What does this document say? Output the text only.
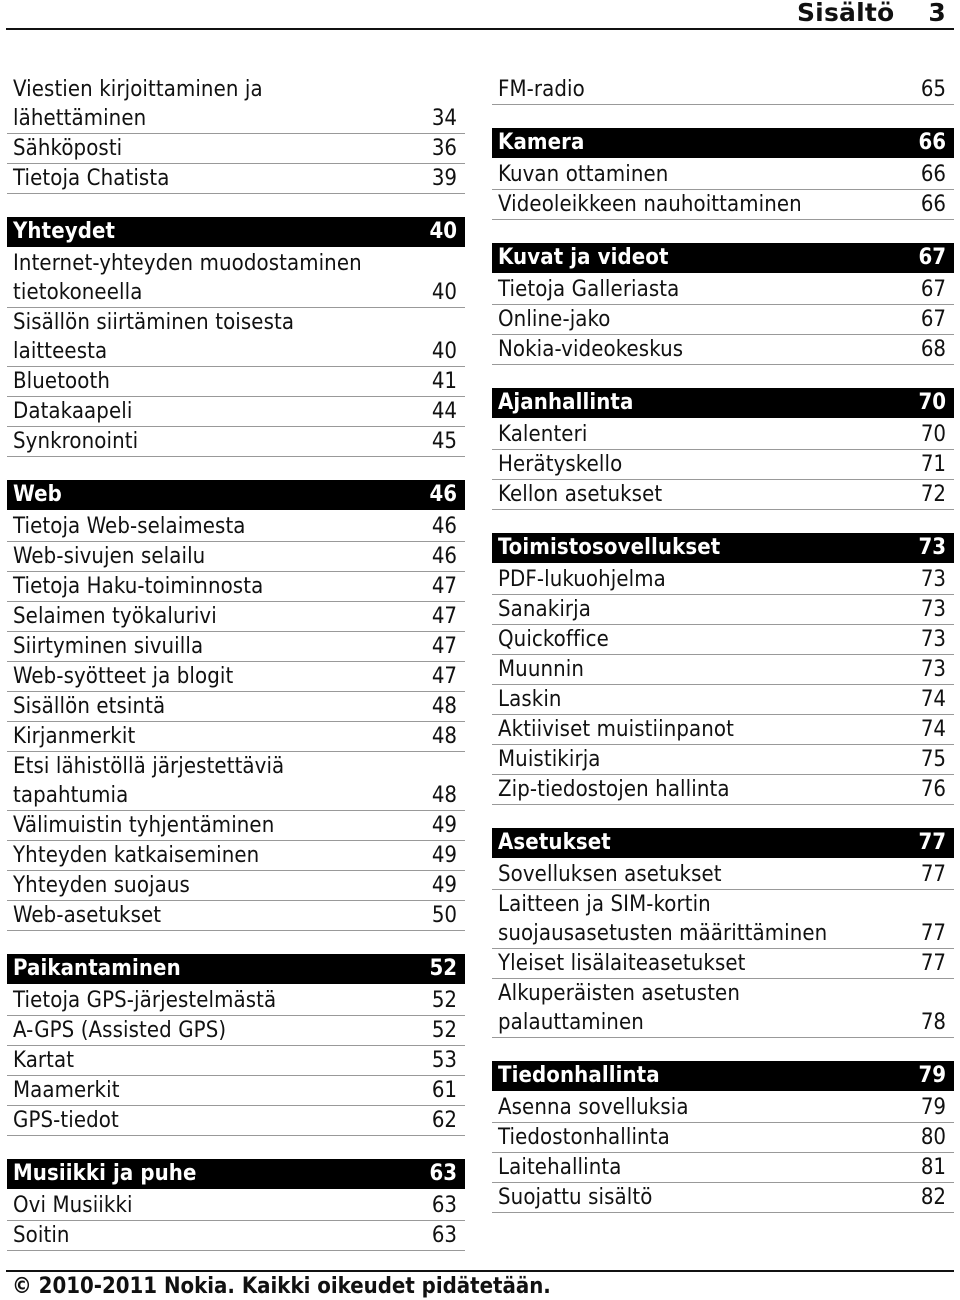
Sisältö 3
Viestien kirjoittaminen ja
lähettäminen	34
Sähköposti	36
Tietoja Chatista	39
Yhteydet	40
Internet-yhteyden muodostaminen
tietokoneella	40
Sisällön siirtäminen toisesta
laitteesta	40
Bluetooth	41
Datakaapeli	44
Synkronointi	45
Web	46
Tietoja Web-selaimesta	46
Web-sivujen selailu	46
Tietoja Haku-toiminnosta	47
Selaimen työkalurivi	47
Siirtyminen sivuilla	47
Web-syötteet ja blogit	47
Sisällön etsintä	48
Kirjanmerkit	48
Etsi lähistöllä järjestettäviä
tapahtumia	48
Välimuistin tyhjentäminen	49
Yhteyden katkaiseminen	49
Yhteyden suojaus	49
Web-asetukset	50
Paikantaminen	52
Tietoja GPS-järjestelmästä	52
A-GPS (Assisted GPS)	52
Kartat	53
Maamerkit	61
GPS-tiedot	62
Musiikki ja puhe	63
Ovi Musiikki	63
Soitin	63
FM-radio	65
Kamera	66
Kuvan ottaminen	66
Videoleikkeen nauhoittaminen	66
Kuvat ja videot	67
Tietoja Galleriasta	67
Online-jako	67
Nokia-videokeskus	68
Ajanhallinta	70
Kalenteri	70
Herätyskello	71
Kellon asetukset	72
Toimistosovellukset	73
PDF-lukuohjelma	73
Sanakirja	73
Quickoffice	73
Muunnin	73
Laskin	74
Aktiiviset muistiinpanot	74
Muistikirja	75
Zip-tiedostojen hallinta	76
Asetukset	77
Sovelluksen asetukset	77
Laitteen ja SIM-kortin
suojausasetusten määrittäminen	77
Yleiset lisälaiteasetukset	77
Alkuperäisten asetusten
palauttaminen	78
Tiedonhallinta	79
Asenna sovelluksia	79
Tiedostonhallinta	80
Laitehallinta	81
Suojattu sisältö	82
© 2010-2011 Nokia. Kaikki oikeudet pidätetään.
